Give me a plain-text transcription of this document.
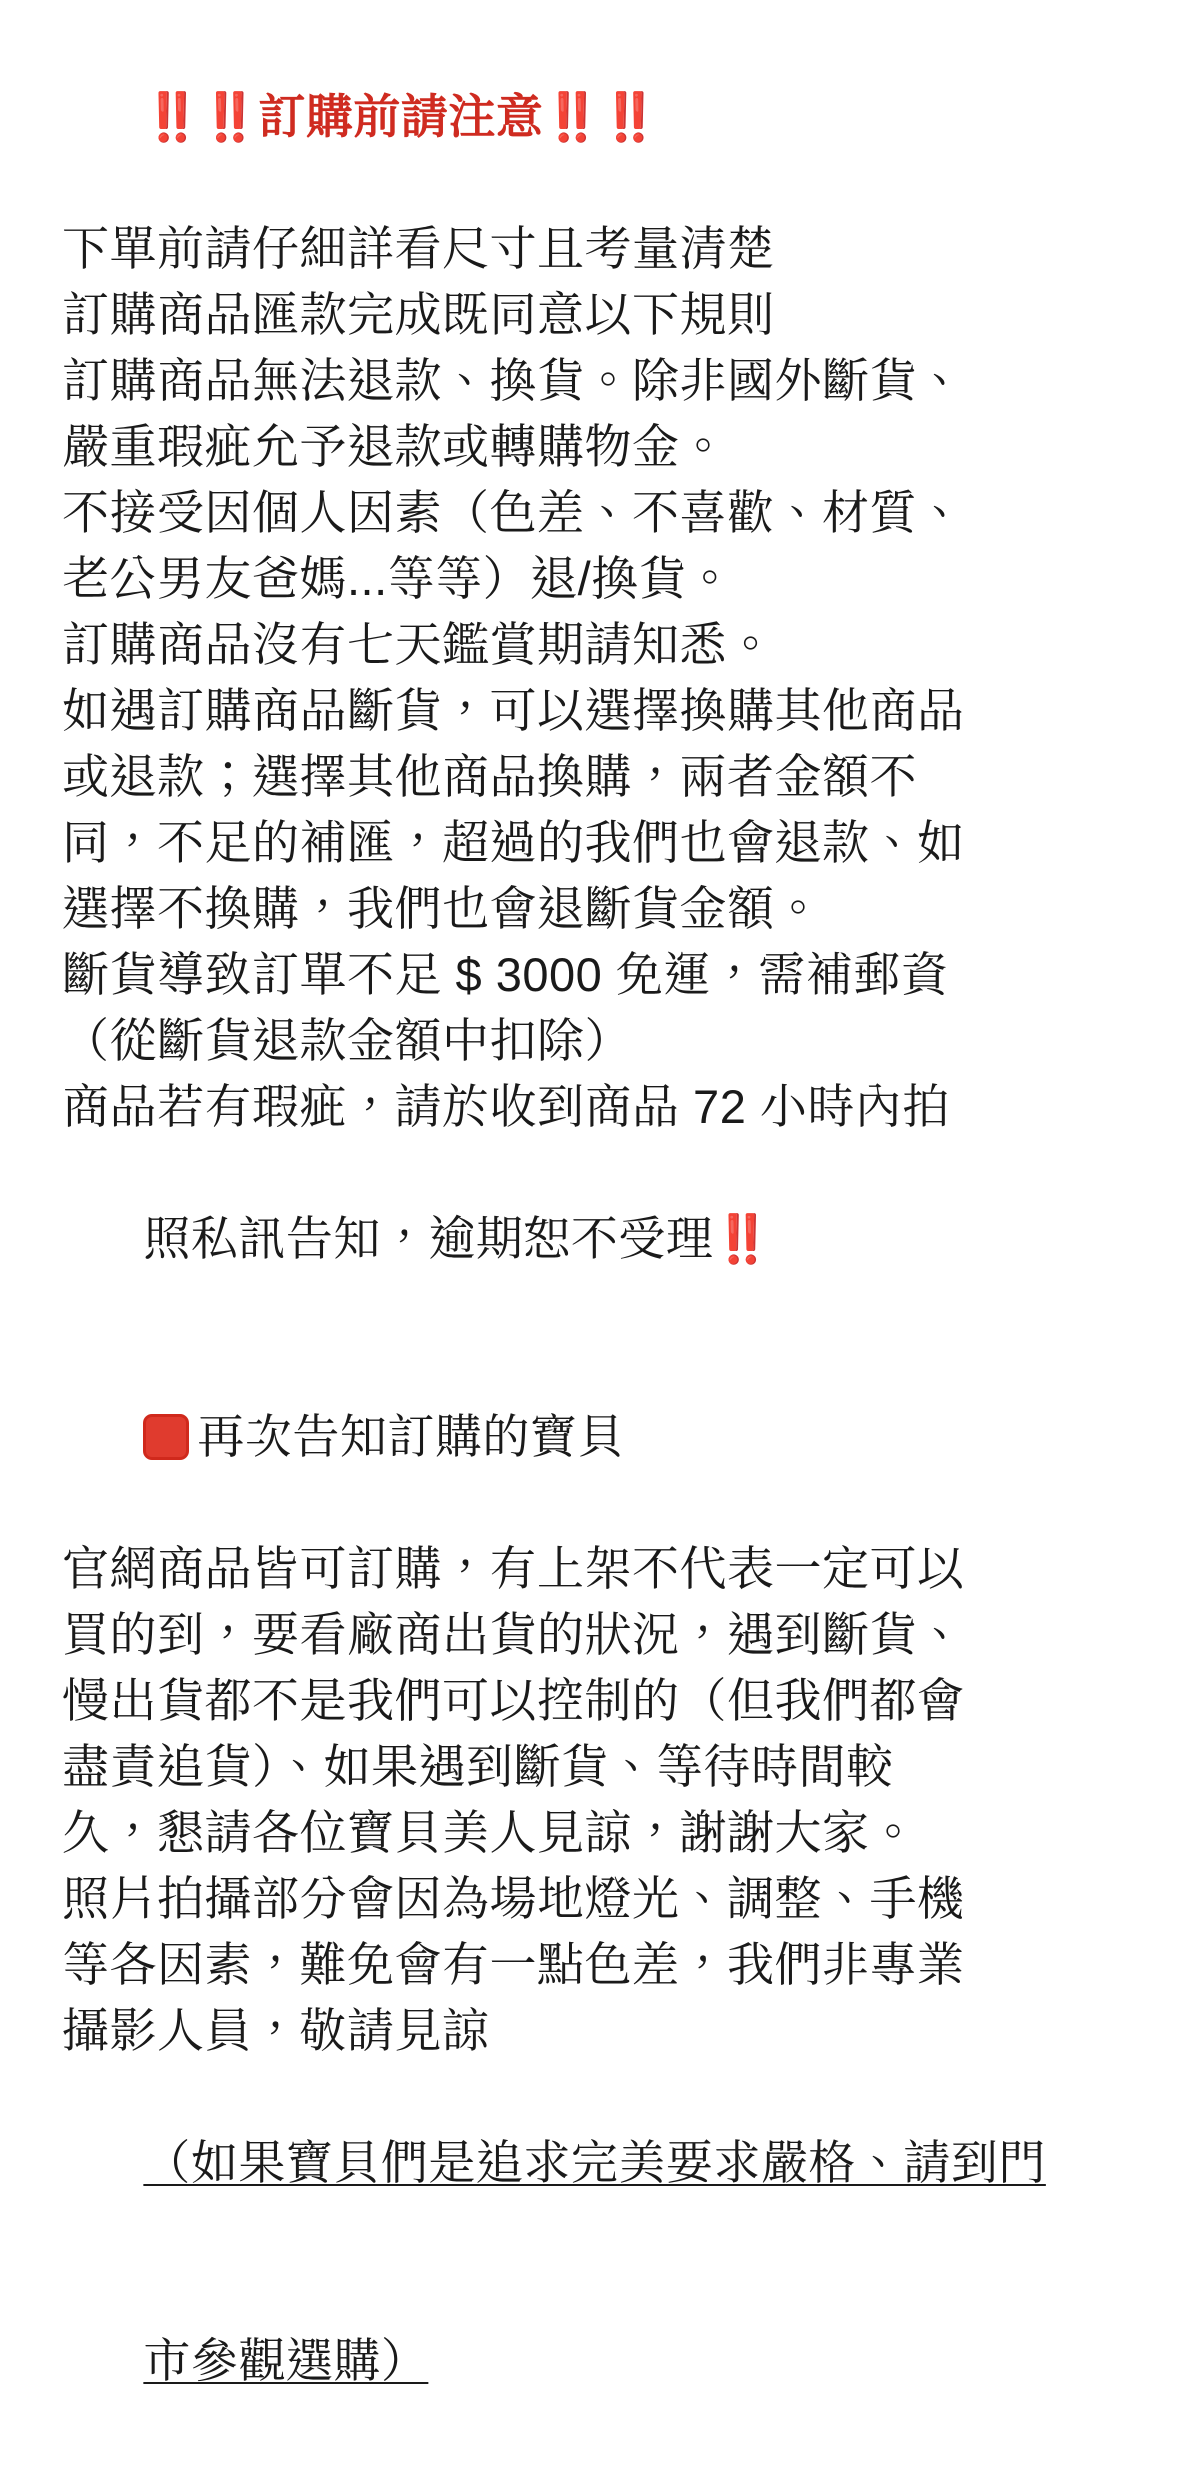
‼️‼️訂購前請注意‼️‼️

下單前請仔細詳看尺寸且考量清楚
訂購商品匯款完成既同意以下規則
訂購商品無法退款、換貨。除非國外斷貨、
嚴重瑕疵允予退款或轉購物金。
不接受因個人因素（色差、不喜歡、材質、
老公男友爸媽...等等）退/換貨。
訂購商品沒有七天鑑賞期請知悉。
如遇訂購商品斷貨，可以選擇換購其他商品
或退款；選擇其他商品換購，兩者金額不
同，不足的補匯，超過的我們也會退款、如
選擇不換購，我們也會退斷貨金額。
斷貨導致訂單不足 $ 3000 免運，需補郵資
（從斷貨退款金額中扣除）
商品若有瑕疵，請於收到商品 72 小時內拍

照私訊告知，逾期恕不受理‼️

再次告知訂購的寶貝

官網商品皆可訂購，有上架不代表一定可以
買的到，要看廠商出貨的狀況，遇到斷貨、
慢出貨都不是我們可以控制的（但我們都會
盡責追貨）、如果遇到斷貨、等待時間較
久，懇請各位寶貝美人見諒，謝謝大家。
照片拍攝部分會因為場地燈光、調整、手機
等各因素，難免會有一點色差，我們非專業
攝影人員，敬請見諒

（如果寶貝們是追求完美要求嚴格、請到門

市參觀選購）
